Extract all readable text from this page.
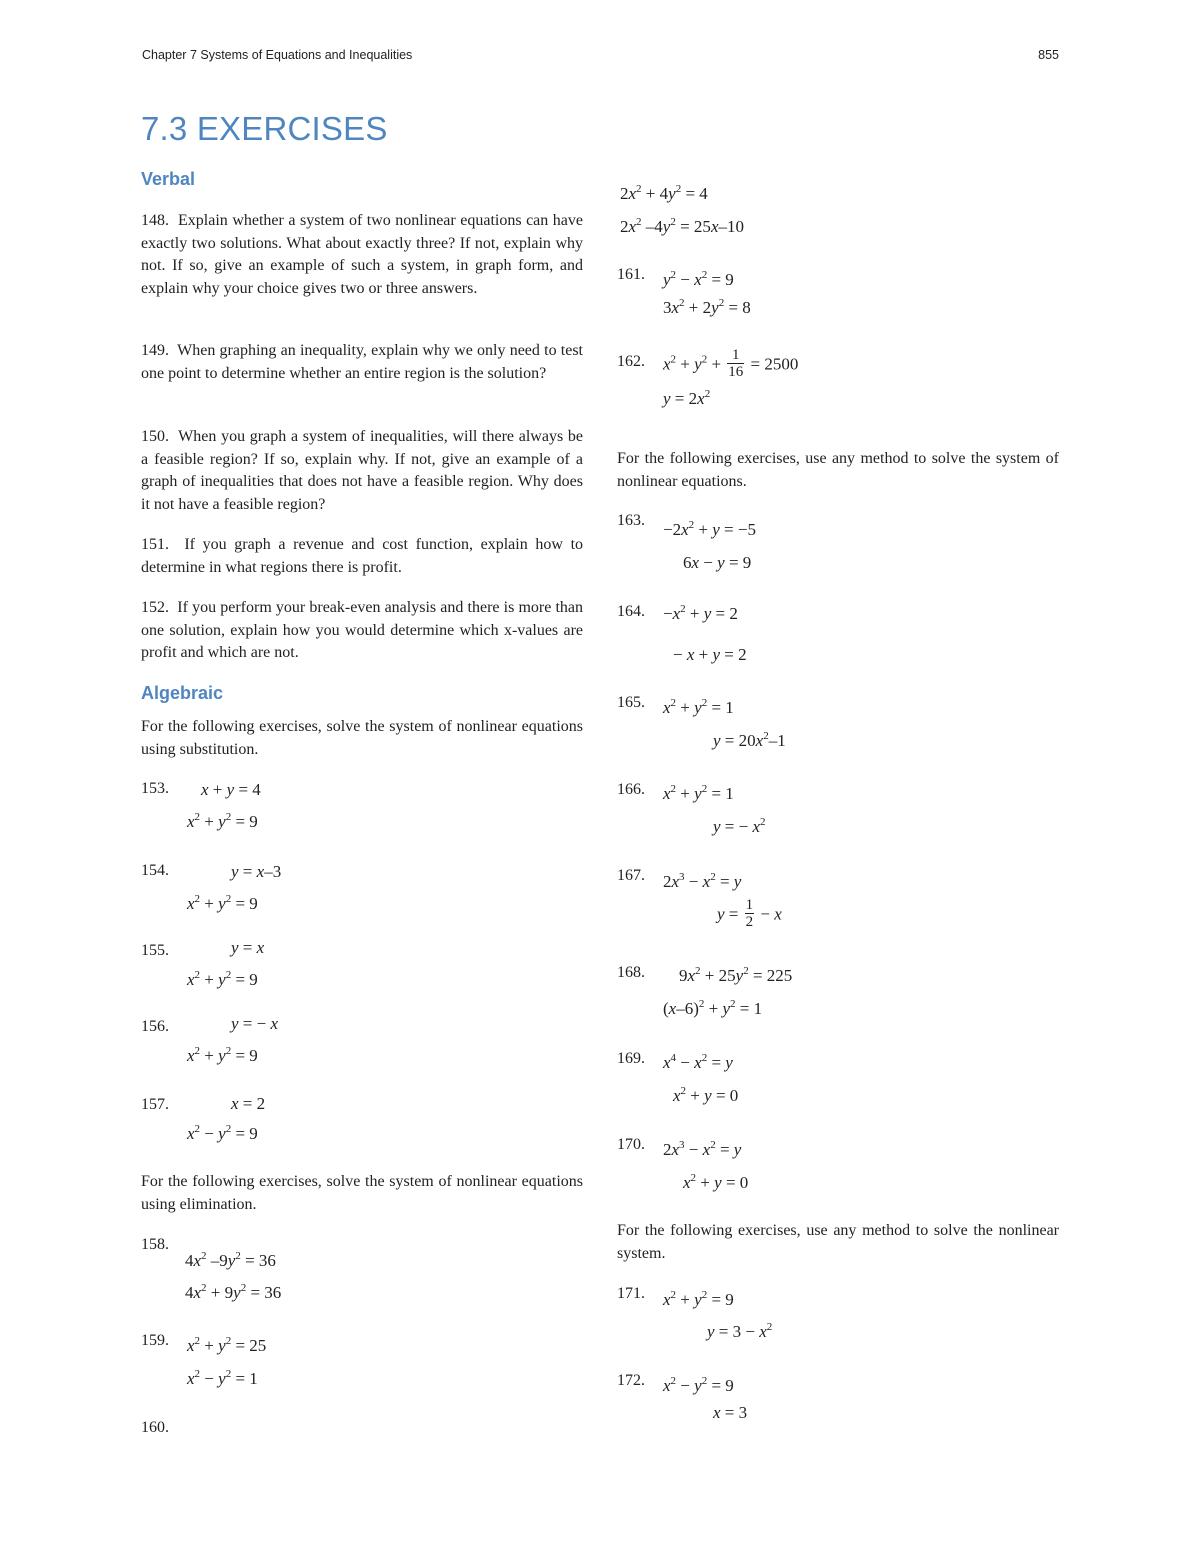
Chapter 7 Systems of Equations and Inequalities	855
7.3 EXERCISES
Verbal

148. Explain whether a system of two nonlinear equations can have exactly two solutions. What about exactly three? If not, explain why not. If so, give an example of such a system, in graph form, and explain why your choice gives two or three answers.

149. When graphing an inequality, explain why we only need to test one point to determine whether an entire region is the solution?

150. When you graph a system of inequalities, will there always be a feasible region? If so, explain why. If not, give an example of a graph of inequalities that does not have a feasible region. Why does it not have a feasible region?

151. If you graph a revenue and cost function, explain how to determine in what regions there is profit.

152. If you perform your break-even analysis and there is more than one solution, explain how you would determine which x-values are profit and which are not.

Algebraic

For the following exercises, solve the system of nonlinear equations using substitution.

153. x + y = 4
$x^2 + y^2 = 9$
154.	y = x–3
$x^2 + y^2 = 9$
155.	y = x
$x^2 + y^2 = 9$
156.	y = − x
$x^2 + y^2 = 9$
157.	x = 2
$x^2 - y^2 = 9$

For the following exercises, solve the system of nonlinear equations using elimination.

158.
$4x^2$ $-9y^2 = 36$
$4x^2 + 9y^2 = 36$
159. $x^2 + y^2 = 25$
$x^2 - y^2 = 1$
160.
$2x^2 + 4y^2 = 4$
$2x^2$ $-4y^2 = 25x-10$
161. $y^2 - x^2 = 9$
$3x^2 + 2y^2 = 8$
162. $x^2 + y^2 + \frac{1}{16} = 2500$
$y = 2x^2$

For the following exercises, use any method to solve the system of nonlinear equations.

163. $-2x^2 + y = -5$
6x − y = 9
164. $-x^2 + y = 2$
− x + y = 2
165. $x^2 + y^2 = 1$
$y = 20x^2-1$
166. $x^2 + y^2 = 1$
y = − $x^2$
167. $2x^3 - x^2 = y$
$y = \frac{1}{2} - x$
168. $9x^2 + 25y^2 = 225$
$(x-6)^2 + y^2 = 1$
169. $x^4 - x^2 = y$
$x^2 + y = 0$
170. $2x^3 - x^2 = y$
$x^2 + y = 0$

For the following exercises, use any method to solve the nonlinear system.

171. $x^2 + y^2 = 9$
$y = 3 - x^2$
172. $x^2 - y^2 = 9$
x = 3
